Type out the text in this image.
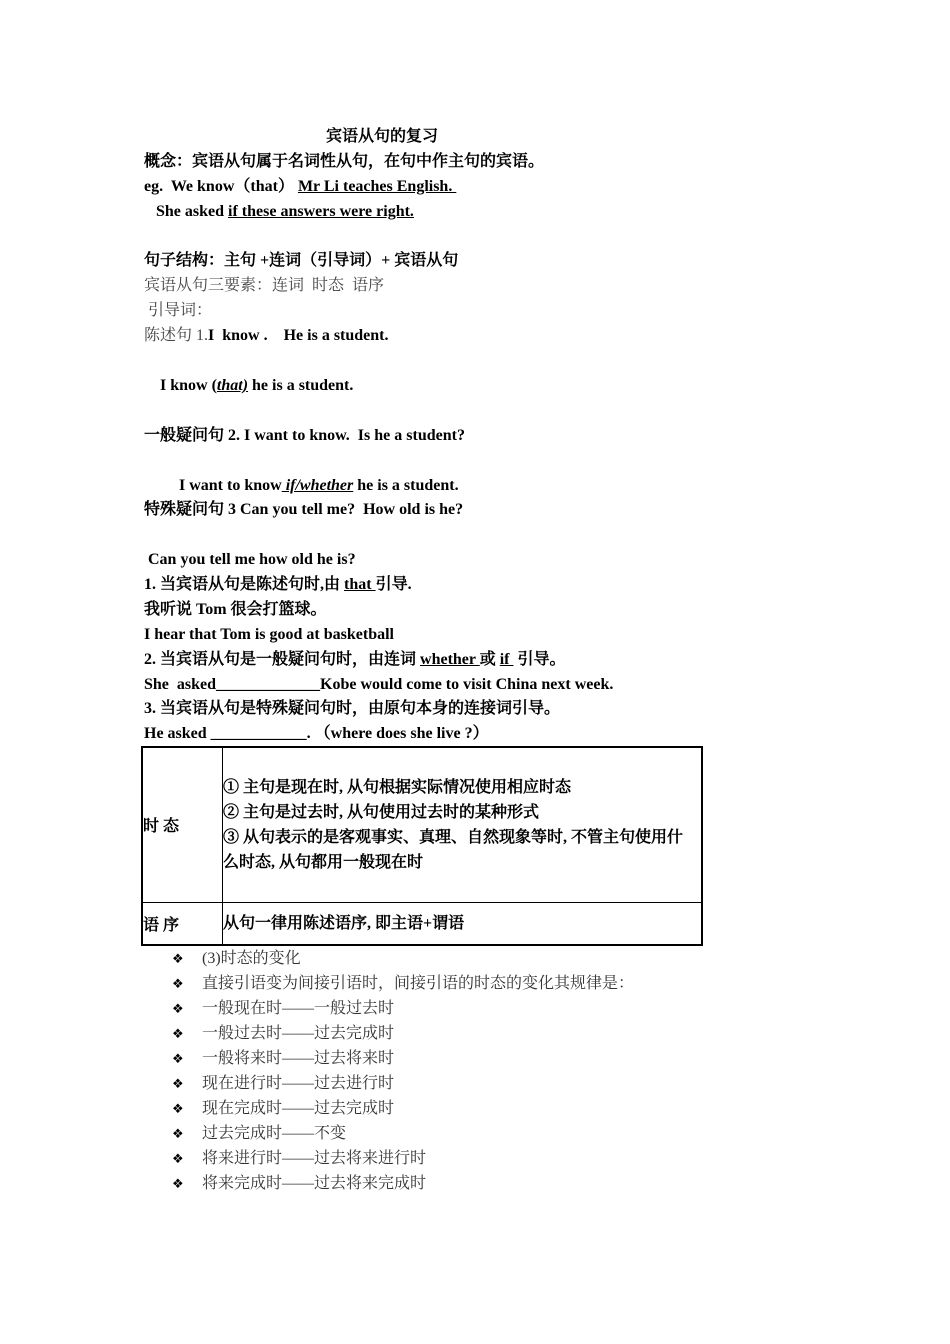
宾语从句的复习
概念：宾语从句属于名词性从句，在句中作主句的宾语。
eg.  We know（that） Mr Li teaches English.
She asked if these answers were right.
句子结构：主句 +连词（引导词）+ 宾语从句
宾语从句三要素：连词  时态  语序
引导词：
陈述句 1.I  know .    He is a student.
I know (that) he is a student.
一般疑问句 2. I want to know.  Is he a student?
I want to know if/whether he is a student.
特殊疑问句 3 Can you tell me?  How old is he?
Can you tell me how old he is?
1. 当宾语从句是陈述句时,由 that 引导.
我听说 Tom 很会打篮球。
I hear that Tom is good at basketball
2. 当宾语从句是一般疑问句时，由连词 whether 或 if  引导。
She  asked_____________Kobe would come to visit China next week.
3. 当宾语从句是特殊疑问句时，由原句本身的连接词引导。
He asked ____________. （where does she live ?）
时 态	① 主句是现在时, 从句根据实际情况使用相应时态
② 主句是过去时, 从句使用过去时的某种形式
③ 从句表示的是客观事实、真理、自然现象等时, 不管主句使用什
么时态, 从句都用一般现在时

语 序	从句一律用陈述语序, 即主语+谓语
❖ (3)时态的变化
❖ 直接引语变为间接引语时，间接引语的时态的变化其规律是：
❖ 一般现在时——一般过去时
❖ 一般过去时——过去完成时
❖ 一般将来时——过去将来时
❖ 现在进行时——过去进行时
❖ 现在完成时——过去完成时
❖ 过去完成时——不变
❖ 将来进行时——过去将来进行时
❖ 将来完成时——过去将来完成时
